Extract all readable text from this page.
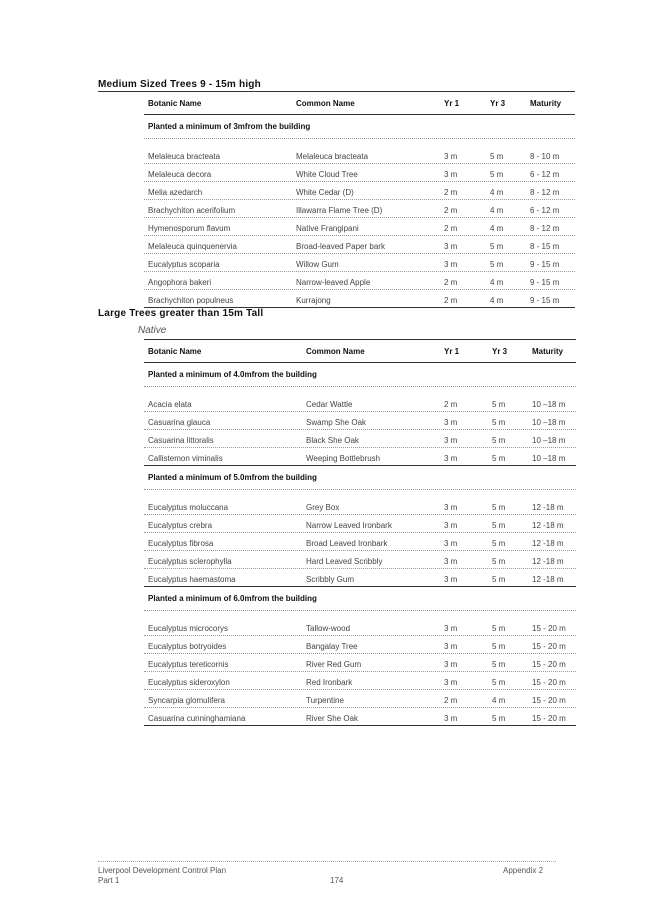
Medium Sized Trees 9 - 15m high
Botanic Name	Common Name	Yr 1	Yr 3	Maturity
Planted a minimum of 3mfrom the building
Melaleuca bracteata	Melaleuca bracteata	3 m	5 m	8 - 10 m
Melaleuca decora	White Cloud Tree	3 m	5 m	6 - 12 m
Melia azedarch	White Cedar (D)	2 m	4 m	8 - 12 m
Brachychiton acerifolium	Illawarra Flame Tree (D)	2 m	4 m	6 - 12 m
Hymenosporum flavum	Native Frangipani	2 m	4 m	8 - 12 m
Melaleuca quinquenervia	Broad-leaved Paper bark	3 m	5 m	8 - 15 m
Eucalyptus scoparia	Willow Gum	3 m	5 m	9 - 15 m
Angophora bakeri	Narrow-leaved Apple	2 m	4 m	9 - 15 m
Brachychiton populneus	Kurrajong	2 m	4 m	9 - 15 m
Large Trees greater than 15m Tall
Native
Botanic Name	Common Name	Yr 1	Yr 3	Maturity
Planted a minimum of 4.0mfrom the building
Acacia elata	Cedar Wattle	2 m	5 m	10 –18 m
Casuarina glauca	Swamp She Oak	3 m	5 m	10 –18 m
Casuarina littoralis	Black She Oak	3 m	5 m	10 –18 m
Callistemon viminalis	Weeping Bottlebrush	3 m	5 m	10 –18 m
Planted a minimum of 5.0mfrom the building
Eucalyptus moluccana	Grey Box	3 m	5 m	12 -18 m
Eucalyptus crebra	Narrow Leaved Ironbark	3 m	5 m	12 -18 m
Eucalyptus fibrosa	Broad Leaved Ironbark	3 m	5 m	12 -18 m
Eucalyptus sclerophylla	Hard Leaved Scribbly	3 m	5 m	12 -18 m
Eucalyptus haemastoma	Scribbly Gum	3 m	5 m	12 -18 m
Planted a minimum of 6.0mfrom the building
Eucalyptus microcorys	Tallow-wood	3 m	5 m	15 - 20 m
Eucalyptus botryoides	Bangalay Tree	3 m	5 m	15 - 20 m
Eucalyptus tereticornis	River Red Gum	3 m	5 m	15 - 20 m
Eucalyptus sideroxylon	Red Ironbark	3 m	5 m	15 - 20 m
Syncarpia glomulifera	Turpentine	2 m	4 m	15 - 20 m
Casuarina cunninghamiana	River She Oak	3 m	5 m	15 - 20 m
Liverpool Development Control Plan
Part 1	174
Appendix 2
